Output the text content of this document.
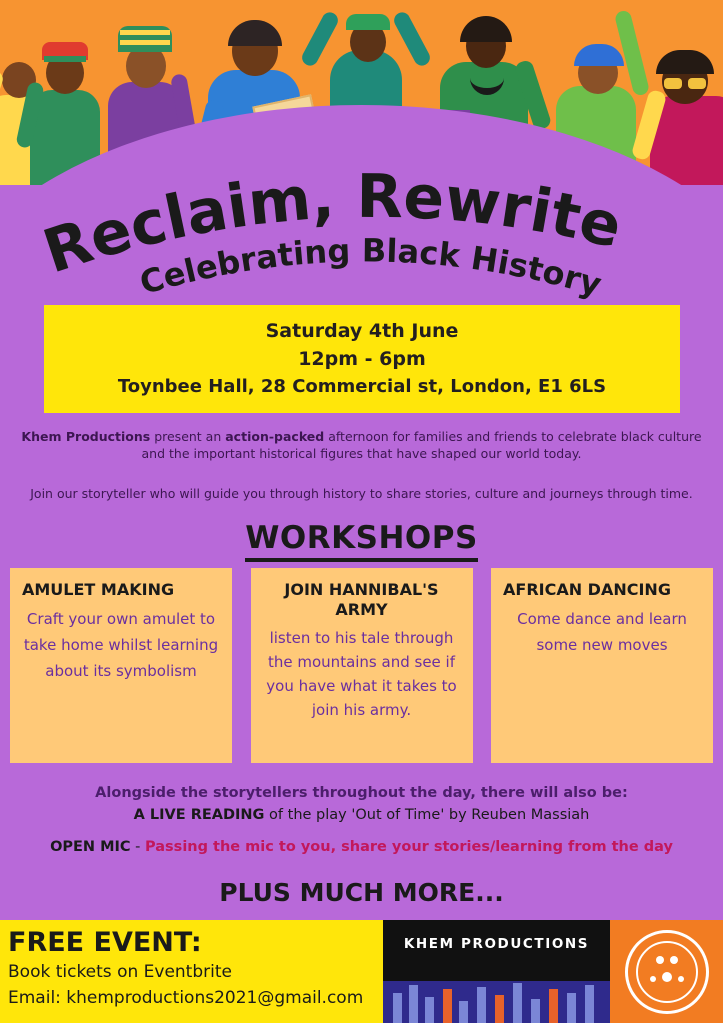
Reclaim, Rewrite
Celebrating Black History
Saturday 4th June
12pm - 6pm
Toynbee Hall, 28 Commercial st, London, E1 6LS
Khem Productions present an action-packed afternoon for families and friends to celebrate black culture and the important historical figures that have shaped our world today.
Join our storyteller who will guide you through history to share stories, culture and journeys through time.
WORKSHOPS
AMULET MAKING

Craft your own amulet to take home whilst learning about its symbolism

JOIN HANNIBAL'S ARMY

listen to his tale through the mountains and see if you have what it takes to join his army.

AFRICAN DANCING

Come dance and learn some new moves

Alongside the storytellers throughout the day, there will also be:
A LIVE READING of the play 'Out of Time' by Reuben Massiah
OPEN MIC - Passing the mic to you, share your stories/learning from the day
PLUS MUCH MORE...
FREE EVENT:
Book tickets on Eventbrite
Email: khemproductions2021@gmail.com
KHEM PRODUCTIONS
